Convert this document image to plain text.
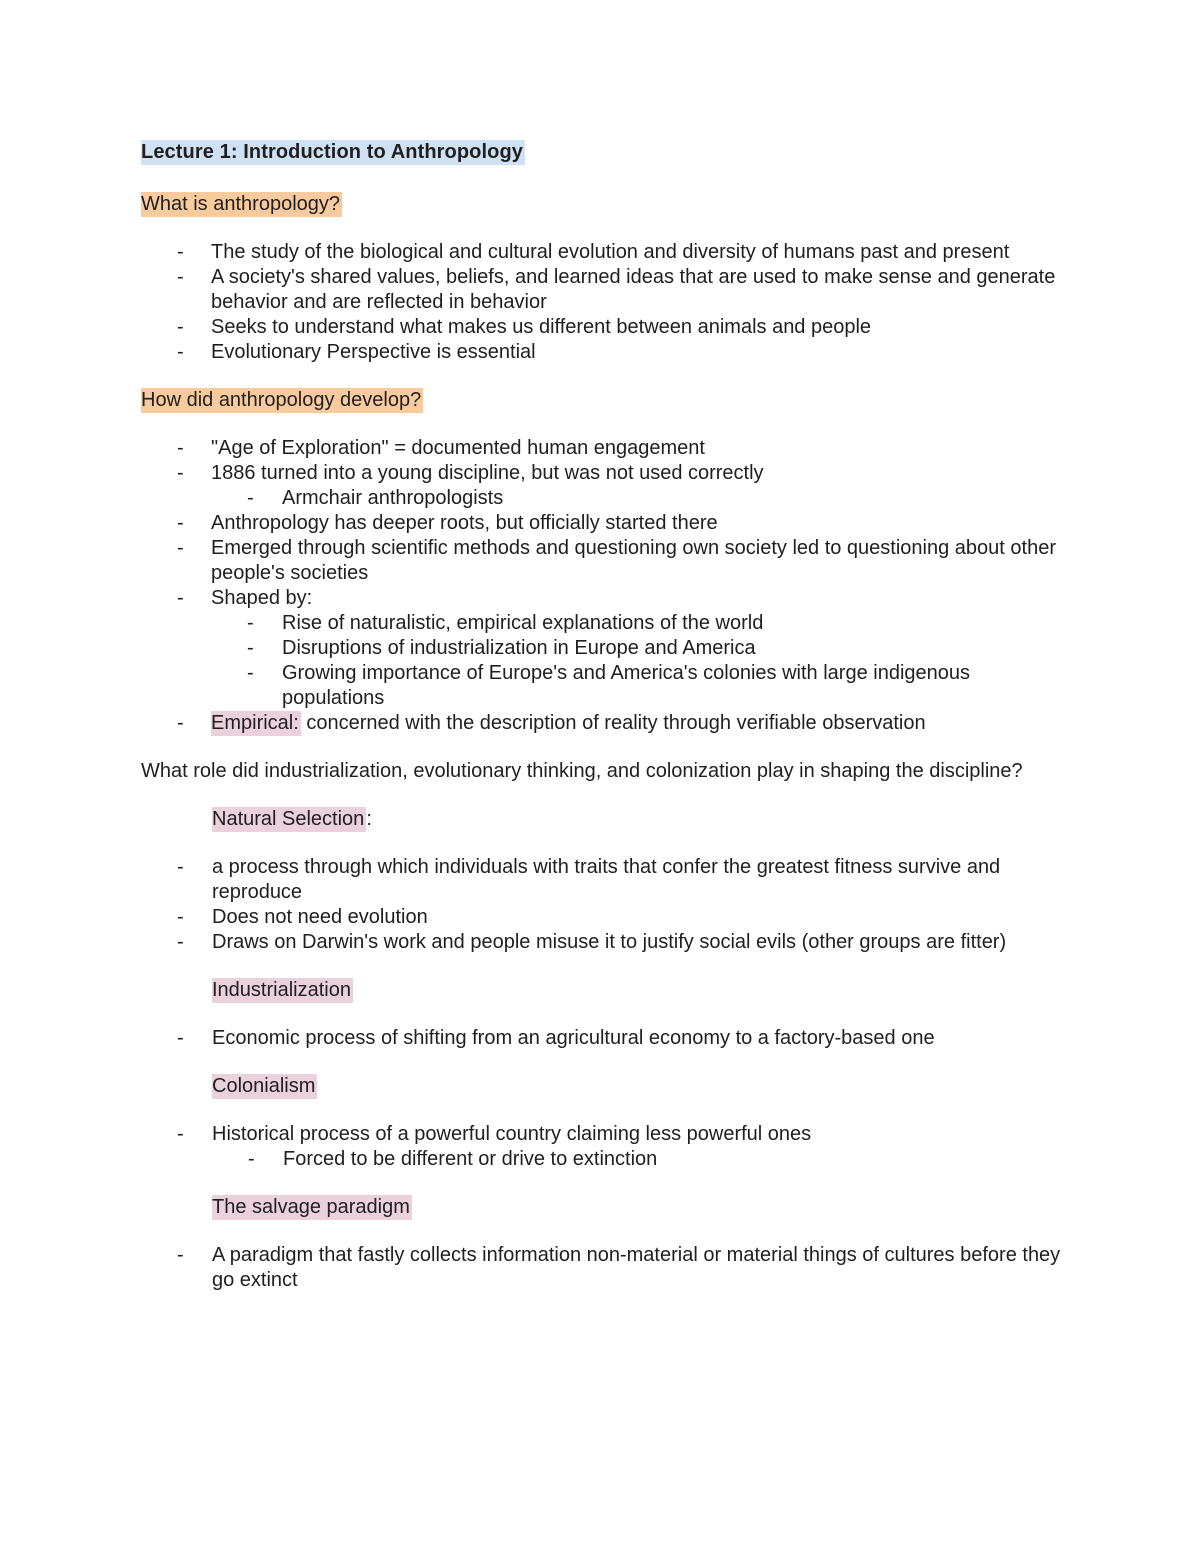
Lecture 1: Introduction to Anthropology
What is anthropology?
- The study of the biological and cultural evolution and diversity of humans past and present
- A society's shared values, beliefs, and learned ideas that are used to make sense and generate behavior and are reflected in behavior
- Seeks to understand what makes us different between animals and people
- Evolutionary Perspective is essential
How did anthropology develop?
- "Age of Exploration" = documented human engagement
- 1886 turned into a young discipline, but was not used correctly
- Armchair anthropologists
- Anthropology has deeper roots, but officially started there
- Emerged through scientific methods and questioning own society led to questioning about other people's societies
- Shaped by:
- Rise of naturalistic, empirical explanations of the world
- Disruptions of industrialization in Europe and America
- Growing importance of Europe's and America's colonies with large indigenous populations
- Empirical: concerned with the description of reality through verifiable observation

What role did industrialization, evolutionary thinking, and colonization play in shaping the discipline?

Natural Selection :
- a process through which individuals with traits that confer the greatest fitness survive and reproduce
- Does not need evolution
- Draws on Darwin's work and people misuse it to justify social evils (other groups are fitter)
Industrialization
- Economic process of shifting from an agricultural economy to a factory-based one
Colonialism
- Historical process of a powerful country claiming less powerful ones
- Forced to be different or drive to extinction
The salvage paradigm
- A paradigm that fastly collects information non-material or material things of cultures before they go extinct
